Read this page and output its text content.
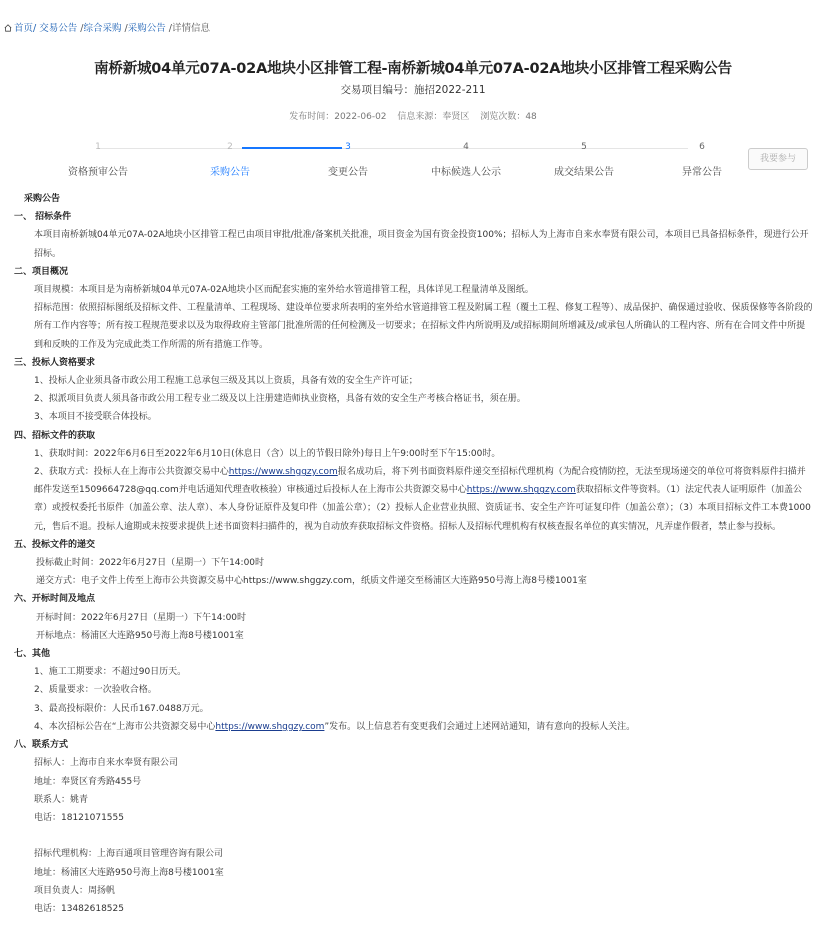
首页/ 交易公告 /综合采购 /采购公告 /详情信息
南桥新城04单元07A-02A地块小区排管工程-南桥新城04单元07A-02A地块小区排管工程采购公告
交易项目编号：施招2022-211
发布时间：2022-06-02 信息来源：奉贤区 浏览次数：48
1
资格预审公告
2
采购公告
3
变更公告
4
中标候选人公示
5
成交结果公告
6
异常公告
我要参与

采购公告

一、 招标条件

本项目南桥新城04单元07A-02A地块小区排管工程已由项目审批/批准/备案机关批准，项目资金为国有资金投资100%；招标人为上海市自来水奉贤有限公司，本项目已具备招标条件，现进行公开招标。

二、项目概况

项目规模：本项目是为南桥新城04单元07A-02A地块小区而配套实施的室外给水管道排管工程，具体详见工程量清单及图纸。

招标范围：依照招标图纸及招标文件、工程量清单、工程现场、建设单位要求所表明的室外给水管道排管工程及附属工程（覆土工程、修复工程等）、成品保护、确保通过验收、保质保修等各阶段的所有工作内容等；所有按工程规范要求以及为取得政府主管部门批准所需的任何检测及一切要求；在招标文件内所说明及/或招标期间所增减及/或承包人所确认的工程内容、所有在合同文件中所提到和反映的工作及为完成此类工作所需的所有措施工作等。

三、投标人资格要求

1、投标人企业须具备市政公用工程施工总承包三级及其以上资质，具备有效的安全生产许可证；

2、拟派项目负责人须具备市政公用工程专业二级及以上注册建造师执业资格，具备有效的安全生产考核合格证书，须在册。

3、本项目不接受联合体投标。

四、招标文件的获取

1、获取时间：2022年6月6日至2022年6月10日(休息日（含）以上的节假日除外)每日上午9:00时至下午15:00时。

2、获取方式：投标人在上海市公共资源交易中心https://www.shggzy.com报名成功后，将下列书面资料原件递交至招标代理机构（为配合疫情防控，无法至现场递交的单位可将资料原件扫描并邮件发送至1509664728@qq.com并电话通知代理查收核验）审核通过后投标人在上海市公共资源交易中心https://www.shggzy.com获取招标文件等资料。（1）法定代表人证明原件（加盖公章）或授权委托书原件（加盖公章、法人章）、本人身份证原件及复印件（加盖公章）；（2）投标人企业营业执照、资质证书、安全生产许可证复印件（加盖公章）；（3）本项目招标文件工本费1000元，售后不退。投标人逾期或未按要求提供上述书面资料扫描件的，视为自动放弃获取招标文件资格。招标人及招标代理机构有权核查报名单位的真实情况，凡弄虚作假者，禁止参与投标。

五、投标文件的递交

投标截止时间：2022年6月27日（星期一）下午14:00时

递交方式：电子文件上传至上海市公共资源交易中心https://www.shggzy.com，纸质文件递交至杨浦区大连路950号海上海8号楼1001室

六、开标时间及地点

开标时间：2022年6月27日（星期一）下午14:00时

开标地点：杨浦区大连路950号海上海8号楼1001室

七、其他

1、施工工期要求：不超过90日历天。

2、质量要求：一次验收合格。

3、最高投标限价：人民币167.0488万元。

4、本次招标公告在“上海市公共资源交易中心https://www.shggzy.com”发布。以上信息若有变更我们会通过上述网站通知，请有意向的投标人关注。

八、联系方式

招标人：上海市自来水奉贤有限公司

地址：奉贤区育秀路455号

联系人：姚青

电话：18121071555

招标代理机构：上海百通项目管理咨询有限公司

地址：杨浦区大连路950号海上海8号楼1001室

项目负责人：周扬帆

电话：13482618525
